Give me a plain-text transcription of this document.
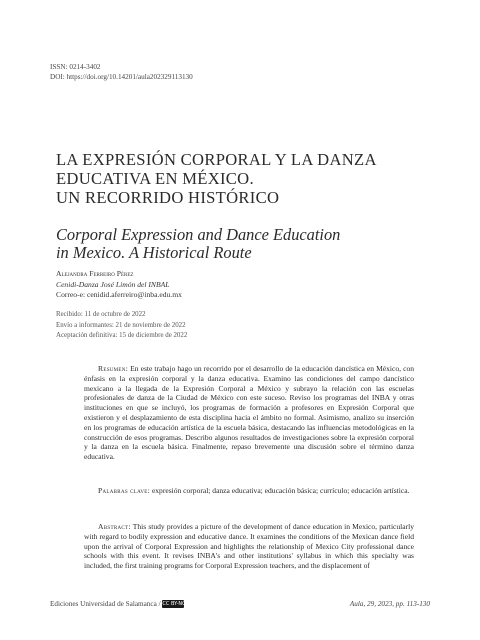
ISSN: 0214-3402
DOI: https://doi.org/10.14201/aula202329113130
LA EXPRESIÓN CORPORAL Y LA DANZA
EDUCATIVA EN MÉXICO.
UN RECORRIDO HISTÓRICO
Corporal Expression and Dance Education
in Mexico. A Historical Route
Alejandra Ferreiro Pérez
Cenidi-Danza José Limón del INBAL
Correo-e: cenidid.aferreiro@inba.edu.mx
Recibido: 11 de octubre de 2022
Envío a informantes: 21 de noviembre de 2022
Aceptación definitiva: 15 de diciembre de 2022

Resumen: En este trabajo hago un recorrido por el desarrollo de la educación dancística en México, con énfasis en la expresión corporal y la danza educativa. Examino las condiciones del campo dancístico mexicano a la llegada de la Expresión Corporal a México y subrayo la relación con las escuelas profesionales de danza de la Ciudad de México con este suceso. Reviso los programas del INBA y otras instituciones en que se incluyó, los programas de formación a profesores en Expresión Corporal que existieron y el desplazamiento de esta disciplina hacia el ámbito no formal. Asimismo, analizo su inserción en los programas de educación artística de la escuela básica, destacando las influencias metodológicas en la construcción de esos programas. Describo algunos resultados de investigaciones sobre la expresión corporal y la danza en la escuela básica. Finalmente, repaso brevemente una discusión sobre el término danza educativa.

Palabras clave: expresión corporal; danza educativa; educación básica; currículo; educación artística.

Abstract: This study provides a picture of the development of dance education in Mexico, particularly with regard to bodily expression and educative dance. It examines the conditions of the Mexican dance field upon the arrival of Corporal Expression and highlights the relationship of Mexico City professional dance schools with this event. It revises INBA's and other institutions' syllabus in which this specialty was included, the first training programs for Corporal Expression teachers, and the displacement of

Ediciones Universidad de Salamanca / CC BY-NC-SA	Aula, 29, 2023, pp. 113-130
